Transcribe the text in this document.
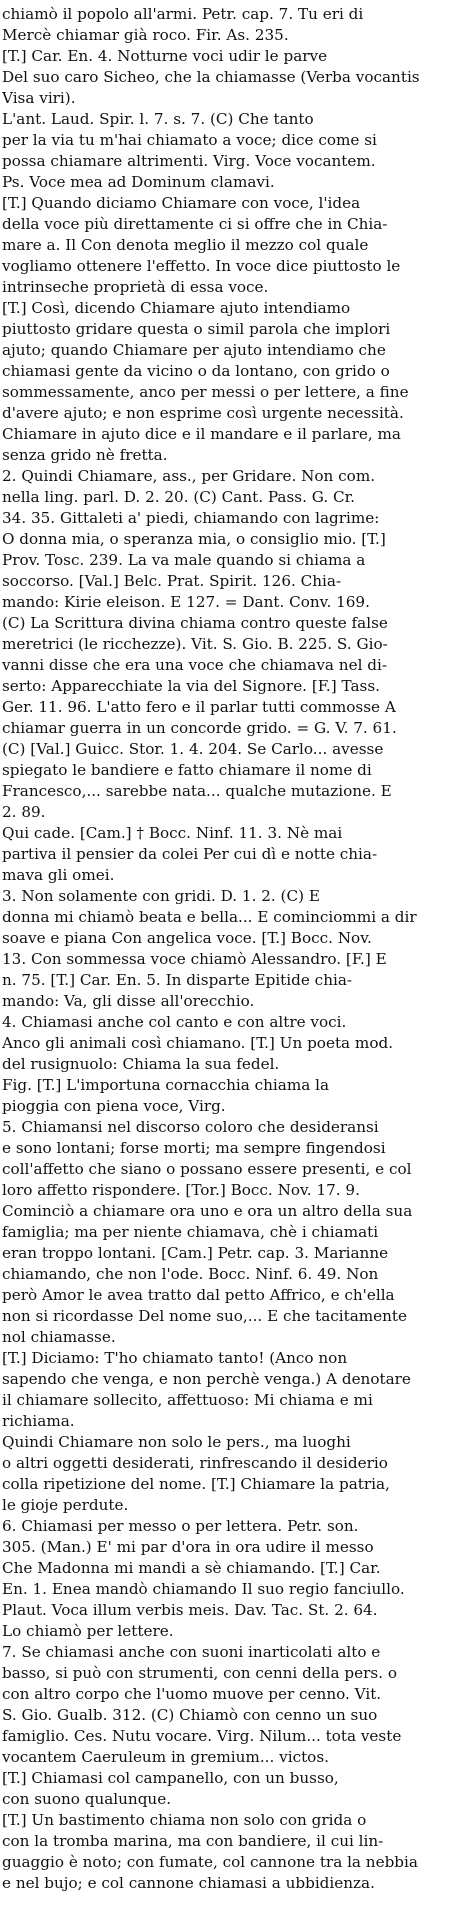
chiamò il popolo all'armi. Petr. cap. 7. Tu eri di
Mercè chiamar già roco. Fir. As. 235.
[T.] Car. En. 4. Notturne voci udir le parve
Del suo caro Sicheo, che la chiamasse (Verba vocantis
Visa viri).
L'ant. Laud. Spir. l. 7. s. 7. (C) Che tanto
per la via tu m'hai chiamato a voce; dice come si
possa chiamare altrimenti. Virg. Voce vocantem.
Ps. Voce mea ad Dominum clamavi.
[T.] Quando diciamo Chiamare con voce, l'idea
della voce più direttamente ci si offre che in Chia-
mare a. Il Con denota meglio il mezzo col quale
vogliamo ottenere l'effetto. In voce dice piuttosto le
intrinseche proprietà di essa voce.
[T.] Così, dicendo Chiamare ajuto intendiamo
piuttosto gridare questa o simil parola che implori
ajuto; quando Chiamare per ajuto intendiamo che
chiamasi gente da vicino o da lontano, con grido o
sommessamente, anco per messi o per lettere, a fine
d'avere ajuto; e non esprime così urgente necessità.
Chiamare in ajuto dice e il mandare e il parlare, ma
senza grido nè fretta.
2. Quindi Chiamare, ass., per Gridare. Non com.
nella ling. parl. D. 2. 20. (C) Cant. Pass. G. Cr.
34. 35. Gittaleti a' piedi, chiamando con lagrime:
O donna mia, o speranza mia, o consiglio mio. [T.]
Prov. Tosc. 239. La va male quando si chiama a
soccorso. [Val.] Belc. Prat. Spirit. 126. Chia-
mando: Kirie eleison. E 127. = Dant. Conv. 169.
(C) La Scrittura divina chiama contro queste false
meretrici (le ricchezze). Vit. S. Gio. B. 225. S. Gio-
vanni disse che era una voce che chiamava nel di-
serto: Apparecchiate la via del Signore. [F.] Tass.
Ger. 11. 96. L'atto fero e il parlar tutti commosse A
chiamar guerra in un concorde grido. = G. V. 7. 61.
(C) [Val.] Guicc. Stor. 1. 4. 204. Se Carlo... avesse
spiegato le bandiere e fatto chiamare il nome di
Francesco,... sarebbe nata... qualche mutazione. E
2. 89.
Qui cade. [Cam.] † Bocc. Ninf. 11. 3. Nè mai
partiva il pensier da colei Per cui dì e notte chia-
mava gli omei.
3. Non solamente con gridi. D. 1. 2. (C) E
donna mi chiamò beata e bella... E cominciommi a dir
soave e piana Con angelica voce. [T.] Bocc. Nov.
13. Con sommessa voce chiamò Alessandro. [F.] E
n. 75. [T.] Car. En. 5. In disparte Epitide chia-
mando: Va, gli disse all'orecchio.
4. Chiamasi anche col canto e con altre voci.
Anco gli animali così chiamano. [T.] Un poeta mod.
del rusignuolo: Chiama la sua fedel.
Fig. [T.] L'importuna cornacchia chiama la
pioggia con piena voce, Virg.
5. Chiamansi nel discorso coloro che desideransi
e sono lontani; forse morti; ma sempre fingendosi
coll'affetto che siano o possano essere presenti, e col
loro affetto rispondere. [Tor.] Bocc. Nov. 17. 9.
Cominciò a chiamare ora uno e ora un altro della sua
famiglia; ma per niente chiamava, chè i chiamati
eran troppo lontani. [Cam.] Petr. cap. 3. Marianne
chiamando, che non l'ode. Bocc. Ninf. 6. 49. Non
però Amor le avea tratto dal petto Affrico, e ch'ella
non si ricordasse Del nome suo,... E che tacitamente
nol chiamasse.
[T.] Diciamo: T'ho chiamato tanto! (Anco non
sapendo che venga, e non perchè venga.) A denotare
il chiamare sollecito, affettuoso: Mi chiama e mi
richiama.
Quindi Chiamare non solo le pers., ma luoghi
o altri oggetti desiderati, rinfrescando il desiderio
colla ripetizione del nome. [T.] Chiamare la patria,
le gioje perdute.
6. Chiamasi per messo o per lettera. Petr. son.
305. (Man.) E' mi par d'ora in ora udire il messo
Che Madonna mi mandi a sè chiamando. [T.] Car.
En. 1. Enea mandò chiamando Il suo regio fanciullo.
Plaut. Voca illum verbis meis. Dav. Tac. St. 2. 64.
Lo chiamò per lettere.
7. Se chiamasi anche con suoni inarticolati alto e
basso, si può con strumenti, con cenni della pers. o
con altro corpo che l'uomo muove per cenno. Vit.
S. Gio. Gualb. 312. (C) Chiamò con cenno un suo
famiglio. Ces. Nutu vocare. Virg. Nilum... tota veste
vocantem Caeruleum in gremium... victos.
[T.] Chiamasi col campanello, con un busso,
con suono qualunque.
[T.] Un bastimento chiama non solo con grida o
con la tromba marina, ma con bandiere, il cui lin-
guaggio è noto; con fumate, col cannone tra la nebbia
e nel bujo; e col cannone chiamasi a ubbidienza.
